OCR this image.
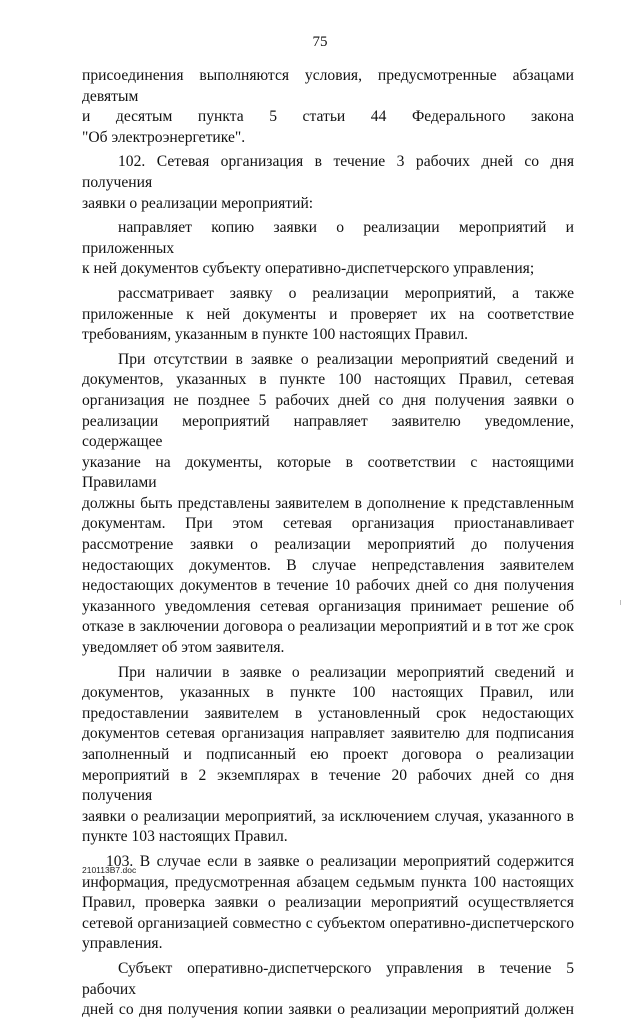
75
присоединения выполняются условия, предусмотренные абзацами девятым
и десятым пункта 5 статьи 44 Федерального закона
"Об электроэнергетике".
102. Сетевая организация в течение 3 рабочих дней со дня получения
заявки о реализации мероприятий:
направляет копию заявки о реализации мероприятий и приложенных
к ней документов субъекту оперативно-диспетчерского управления;
рассматривает заявку о реализации мероприятий, а также
приложенные к ней документы и проверяет их на соответствие
требованиям, указанным в пункте 100 настоящих Правил.
При отсутствии в заявке о реализации мероприятий сведений и
документов, указанных в пункте 100 настоящих Правил, сетевая
организация не позднее 5 рабочих дней со дня получения заявки о
реализации мероприятий направляет заявителю уведомление, содержащее
указание на документы, которые в соответствии с настоящими Правилами
должны быть представлены заявителем в дополнение к представленным
документам. При этом сетевая организация приостанавливает
рассмотрение заявки о реализации мероприятий до получения
недостающих документов. В случае непредставления заявителем
недостающих документов в течение 10 рабочих дней со дня получения
указанного уведомления сетевая организация принимает решение об
отказе в заключении договора о реализации мероприятий и в тот же срок
уведомляет об этом заявителя.
При наличии в заявке о реализации мероприятий сведений и
документов, указанных в пункте 100 настоящих Правил, или
предоставлении заявителем в установленный срок недостающих
документов сетевая организация направляет заявителю для подписания
заполненный и подписанный ею проект договора о реализации
мероприятий в 2 экземплярах в течение 20 рабочих дней со дня получения
заявки о реализации мероприятий, за исключением случая, указанного в
пункте 103 настоящих Правил.
103. В случае если в заявке о реализации мероприятий содержится
информация, предусмотренная абзацем седьмым пункта 100 настоящих
Правил, проверка заявки о реализации мероприятий осуществляется
сетевой организацией совместно с субъектом оперативно-диспетчерского
управления.
Субъект оперативно-диспетчерского управления в течение 5 рабочих
дней со дня получения копии заявки о реализации мероприятий должен
210113В7.doc
